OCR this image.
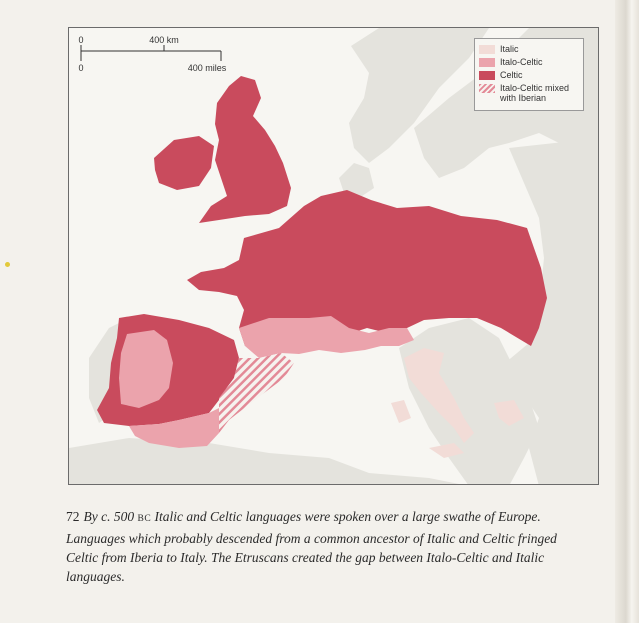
0	400 km
0	400 miles
Italic
Italo-Celtic
Celtic
Italo-Celtic mixed with Iberian
72 By c. 500 BC Italic and Celtic languages were spoken over a large swathe of Europe. Languages which probably descended from a common ancestor of Italic and Celtic fringed Celtic from Iberia to Italy. The Etruscans created the gap between Italo-Celtic and Italic languages.
